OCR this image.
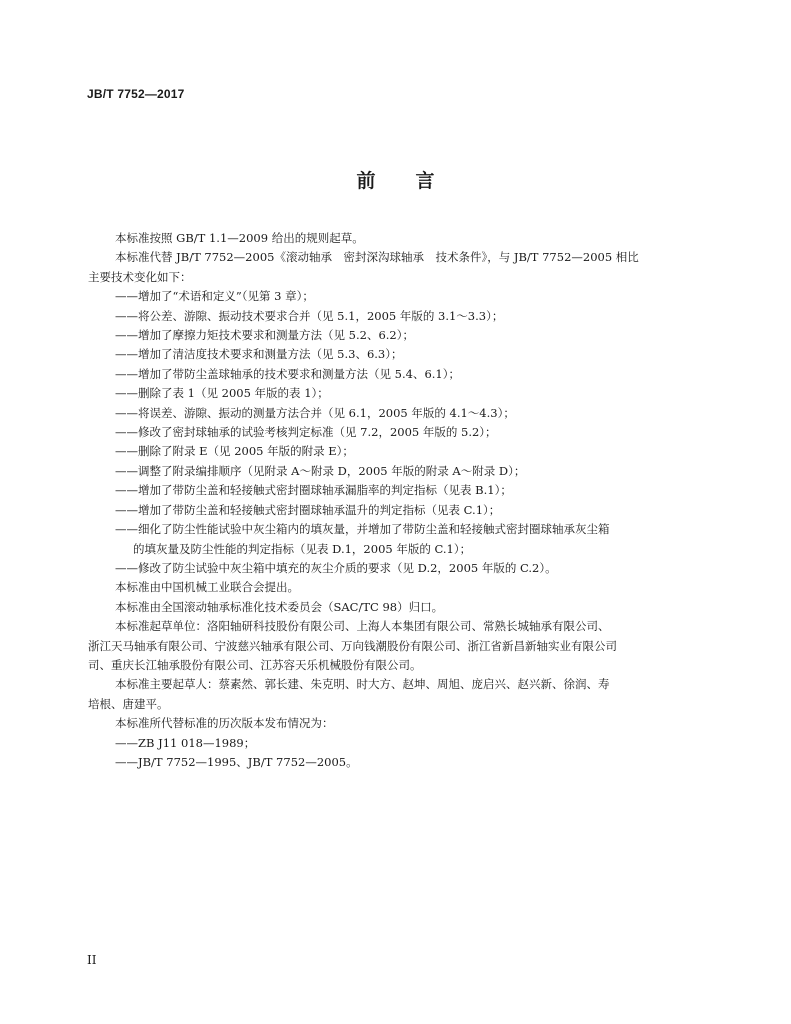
JB/T 7752—2017
前 言

本标准按照 GB/T 1.1—2009 给出的规则起草。

本标准代替 JB/T 7752—2005《滚动轴承　密封深沟球轴承　技术条件》，与 JB/T 7752—2005 相比

主要技术变化如下：

——增加了“术语和定义”（见第 3 章）；

——将公差、游隙、振动技术要求合并（见 5.1，2005 年版的 3.1～3.3）；

——增加了摩擦力矩技术要求和测量方法（见 5.2、6.2）；

——增加了清洁度技术要求和测量方法（见 5.3、6.3）；

——增加了带防尘盖球轴承的技术要求和测量方法（见 5.4、6.1）；

——删除了表 1（见 2005 年版的表 1）；

——将误差、游隙、振动的测量方法合并（见 6.1，2005 年版的 4.1～4.3）；

——修改了密封球轴承的试验考核判定标准（见 7.2，2005 年版的 5.2）；

——删除了附录 E（见 2005 年版的附录 E）；

——调整了附录编排顺序（见附录 A～附录 D，2005 年版的附录 A～附录 D）；

——增加了带防尘盖和轻接触式密封圈球轴承漏脂率的判定指标（见表 B.1）；

——增加了带防尘盖和轻接触式密封圈球轴承温升的判定指标（见表 C.1）；

——细化了防尘性能试验中灰尘箱内的填灰量，并增加了带防尘盖和轻接触式密封圈球轴承灰尘箱

的填灰量及防尘性能的判定指标（见表 D.1，2005 年版的 C.1）；

——修改了防尘试验中灰尘箱中填充的灰尘介质的要求（见 D.2，2005 年版的 C.2）。

本标准由中国机械工业联合会提出。

本标准由全国滚动轴承标准化技术委员会（SAC/TC 98）归口。

本标准起草单位：洛阳轴研科技股份有限公司、上海人本集团有限公司、常熟长城轴承有限公司、

浙江天马轴承有限公司、宁波慈兴轴承有限公司、万向钱潮股份有限公司、浙江省新昌新轴实业有限公司

司、重庆长江轴承股份有限公司、江苏容天乐机械股份有限公司。

本标准主要起草人：蔡素然、郭长建、朱克明、时大方、赵坤、周旭、庞启兴、赵兴新、徐润、寿

培根、唐建平。

本标准所代替标准的历次版本发布情况为：

——ZB J11 018—1989；

——JB/T 7752—1995、JB/T 7752—2005。

II
